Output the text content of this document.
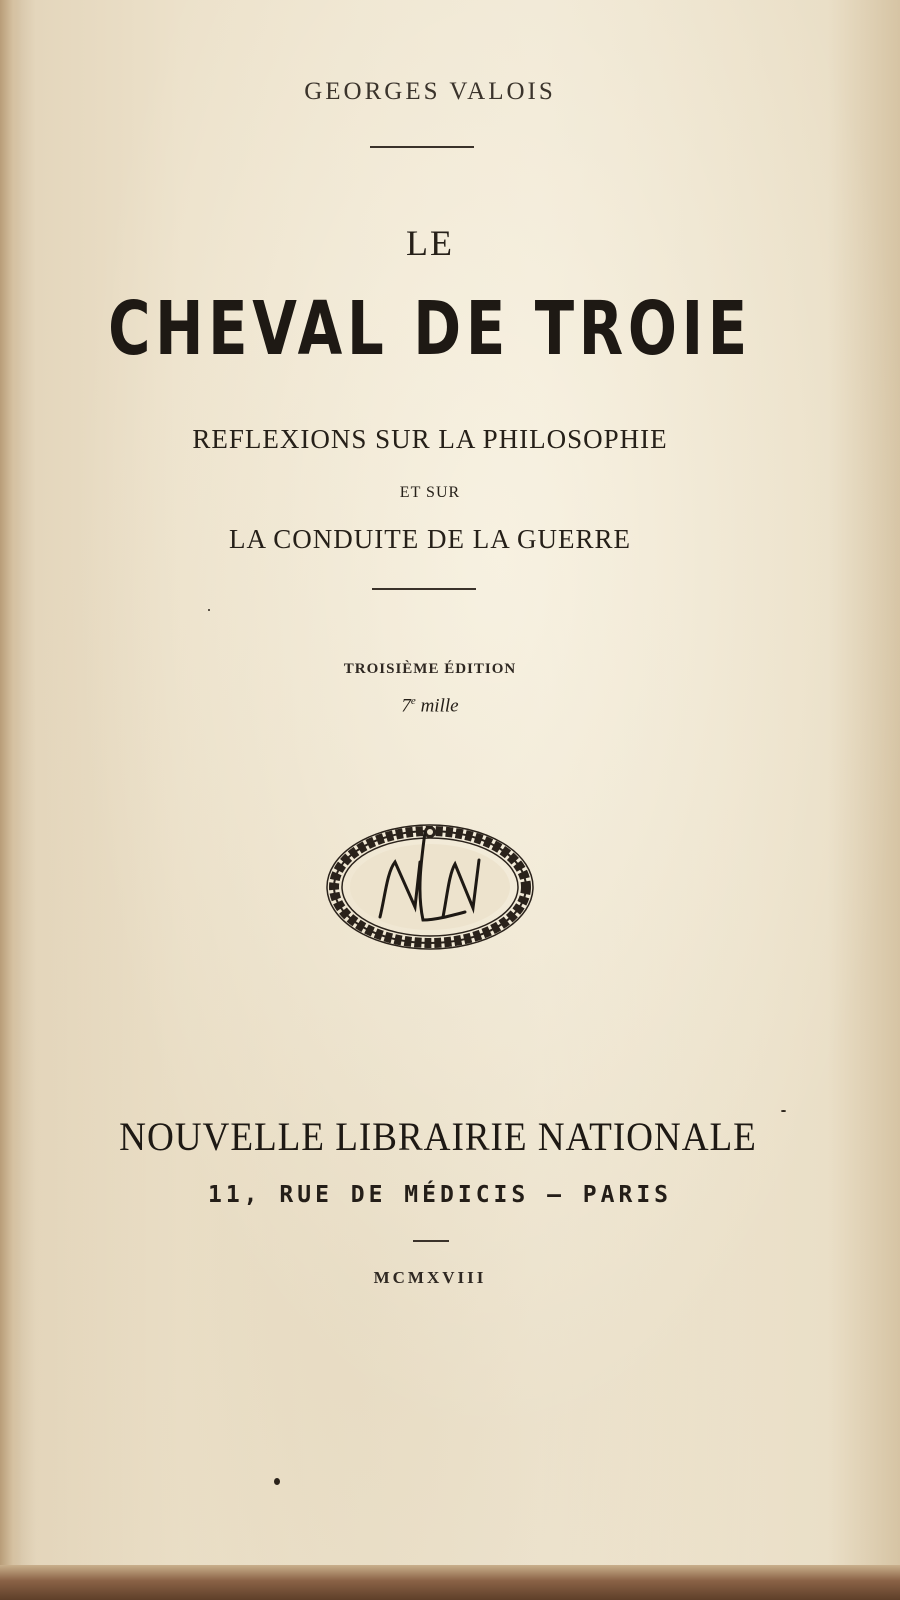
GEORGES VALOIS
LE
CHEVAL DE TROIE
REFLEXIONS SUR LA PHILOSOPHIE
ET SUR
LA CONDUITE DE LA GUERRE
TROISIÈME ÉDITION
7e mille
NOUVELLE LIBRAIRIE NATIONALE
11, RUE DE MÉDICIS — PARIS
MCMXVIII
